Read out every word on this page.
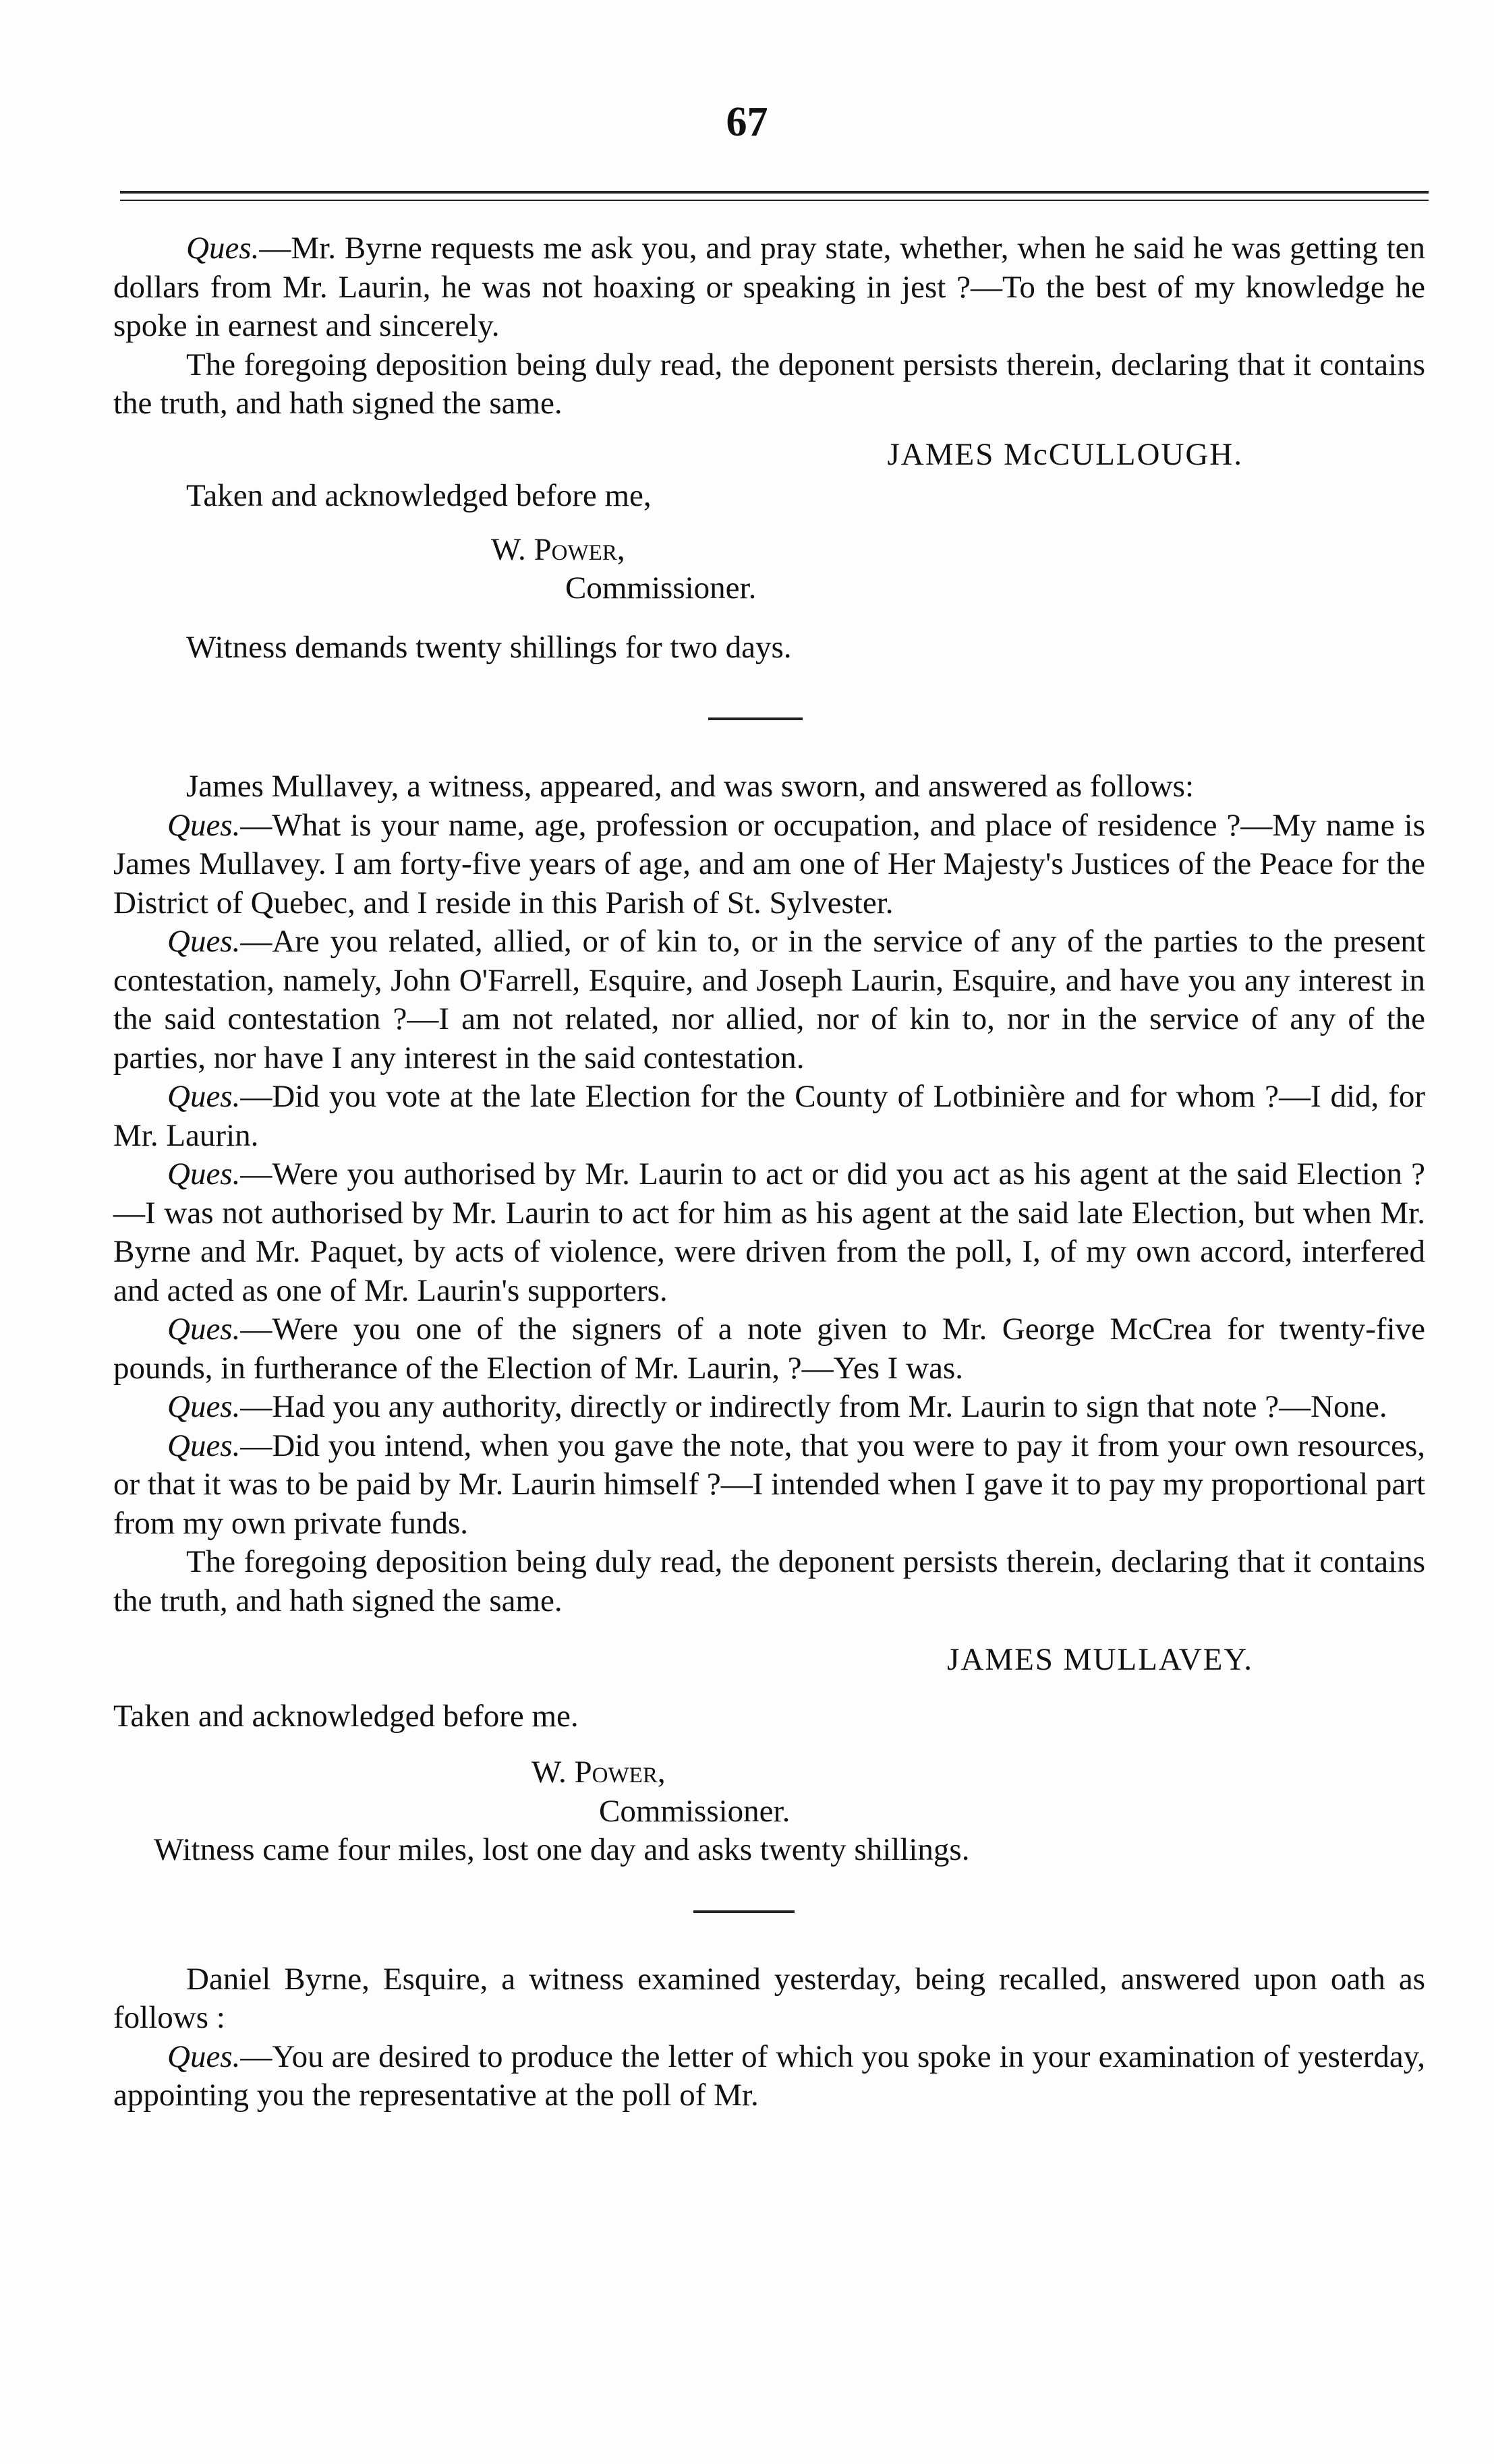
67

Ques.—Mr. Byrne requests me ask you, and pray state, whether, when he said he was getting ten dollars from Mr. Laurin, he was not hoaxing or speaking in jest ?—To the best of my knowledge he spoke in earnest and sincerely.

The foregoing deposition being duly read, the deponent persists therein, declaring that it contains the truth, and hath signed the same.

JAMES McCULLOUGH.

Taken and acknowledged before me,

W. Power,

Commissioner.

Witness demands twenty shillings for two days.

James Mullavey, a witness, appeared, and was sworn, and answered as follows:

Ques.—What is your name, age, profession or occupation, and place of residence ?—My name is James Mullavey. I am forty-five years of age, and am one of Her Majesty's Justices of the Peace for the District of Quebec, and I reside in this Parish of St. Sylvester.

Ques.—Are you related, allied, or of kin to, or in the service of any of the parties to the present contestation, namely, John O'Farrell, Esquire, and Joseph Laurin, Esquire, and have you any interest in the said contestation ?—I am not related, nor allied, nor of kin to, nor in the service of any of the parties, nor have I any interest in the said contestation.

Ques.—Did you vote at the late Election for the County of Lotbinière and for whom ?—I did, for Mr. Laurin.

Ques.—Were you authorised by Mr. Laurin to act or did you act as his agent at the said Election ?—I was not authorised by Mr. Laurin to act for him as his agent at the said late Election, but when Mr. Byrne and Mr. Paquet, by acts of violence, were driven from the poll, I, of my own accord, interfered and acted as one of Mr. Laurin's supporters.

Ques.—Were you one of the signers of a note given to Mr. George McCrea for twenty-five pounds, in furtherance of the Election of Mr. Laurin, ?—Yes I was.

Ques.—Had you any authority, directly or indirectly from Mr. Laurin to sign that note ?—None.

Ques.—Did you intend, when you gave the note, that you were to pay it from your own resources, or that it was to be paid by Mr. Laurin himself ?—I intended when I gave it to pay my proportional part from my own private funds.

The foregoing deposition being duly read, the deponent persists therein, declaring that it contains the truth, and hath signed the same.

JAMES MULLAVEY.

Taken and acknowledged before me.

W. Power,

Commissioner.

Witness came four miles, lost one day and asks twenty shillings.

Daniel Byrne, Esquire, a witness examined yesterday, being recalled, answered upon oath as follows :

Ques.—You are desired to produce the letter of which you spoke in your examination of yesterday, appointing you the representative at the poll of Mr.
